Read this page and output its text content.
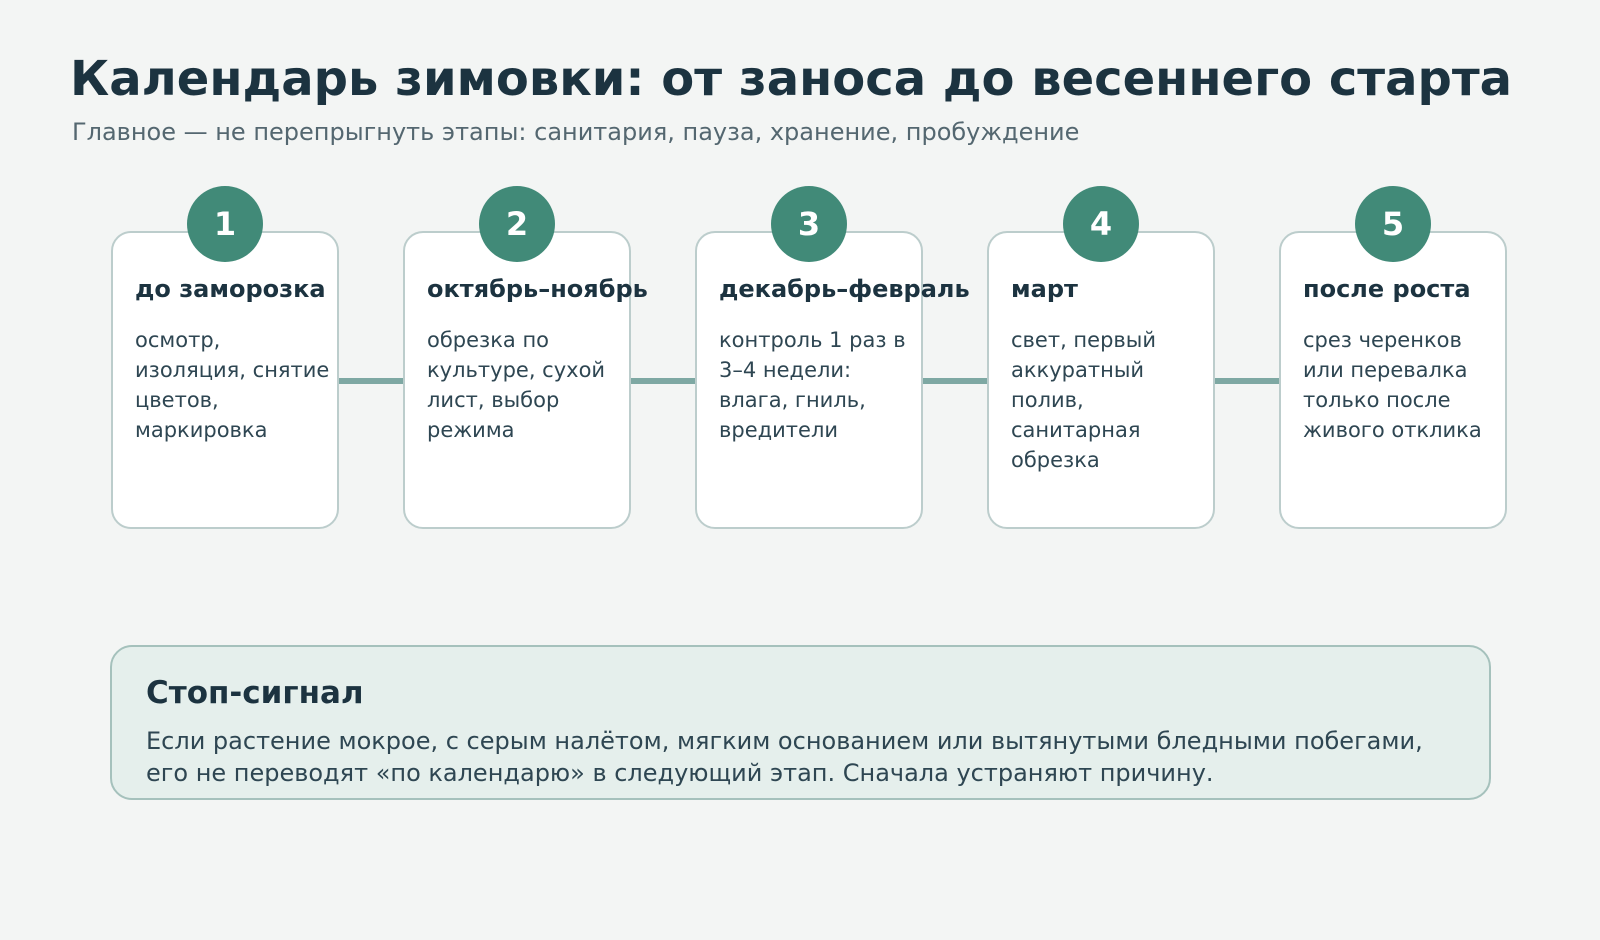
Календарь зимовки: от заноса до весеннего старта

Главное — не перепрыгнуть этапы: санитария, пауза, хранение, пробуждение

до заморозка

осмотр, изоляция, снятие цветов, маркировка

1

октябрь–ноябрь

обрезка по культуре, сухой лист, выбор режима

2

декабрь–февраль

контроль 1 раз в 3–4 недели: влага, гниль, вредители

3

март

свет, первый аккуратный полив, санитарная обрезка

4

после роста

срез черенков или перевалка только после живого отклика

5

Стоп-сигнал

Если растение мокрое, с серым налётом, мягким основанием или вытянутыми бледными побегами, его не переводят «по календарю» в следующий этап. Сначала устраняют причину.
